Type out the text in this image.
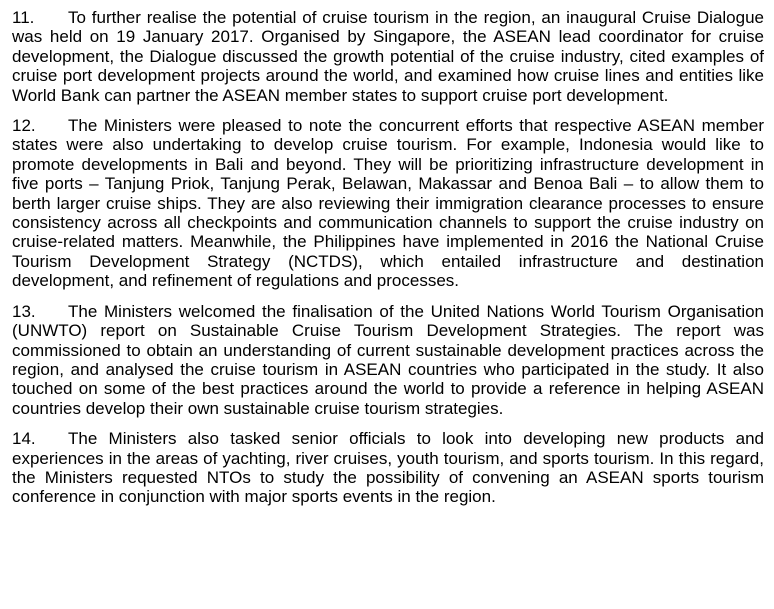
11. To further realise the potential of cruise tourism in the region, an inaugural Cruise Dialogue was held on 19 January 2017. Organised by Singapore, the ASEAN lead coordinator for cruise development, the Dialogue discussed the growth potential of the cruise industry, cited examples of cruise port development projects around the world, and examined how cruise lines and entities like World Bank can partner the ASEAN member states to support cruise port development.

12. The Ministers were pleased to note the concurrent efforts that respective ASEAN member states were also undertaking to develop cruise tourism. For example, Indonesia would like to promote developments in Bali and beyond. They will be prioritizing infrastructure development in five ports – Tanjung Priok, Tanjung Perak, Belawan, Makassar and Benoa Bali – to allow them to berth larger cruise ships. They are also reviewing their immigration clearance processes to ensure consistency across all checkpoints and communication channels to support the cruise industry on cruise-related matters. Meanwhile, the Philippines have implemented in 2016 the National Cruise Tourism Development Strategy (NCTDS), which entailed infrastructure and destination development, and refinement of regulations and processes.

13. The Ministers welcomed the finalisation of the United Nations World Tourism Organisation (UNWTO) report on Sustainable Cruise Tourism Development Strategies. The report was commissioned to obtain an understanding of current sustainable development practices across the region, and analysed the cruise tourism in ASEAN countries who participated in the study. It also touched on some of the best practices around the world to provide a reference in helping ASEAN countries develop their own sustainable cruise tourism strategies.

14. The Ministers also tasked senior officials to look into developing new products and experiences in the areas of yachting, river cruises, youth tourism, and sports tourism. In this regard, the Ministers requested NTOs to study the possibility of convening an ASEAN sports tourism conference in conjunction with major sports events in the region.
